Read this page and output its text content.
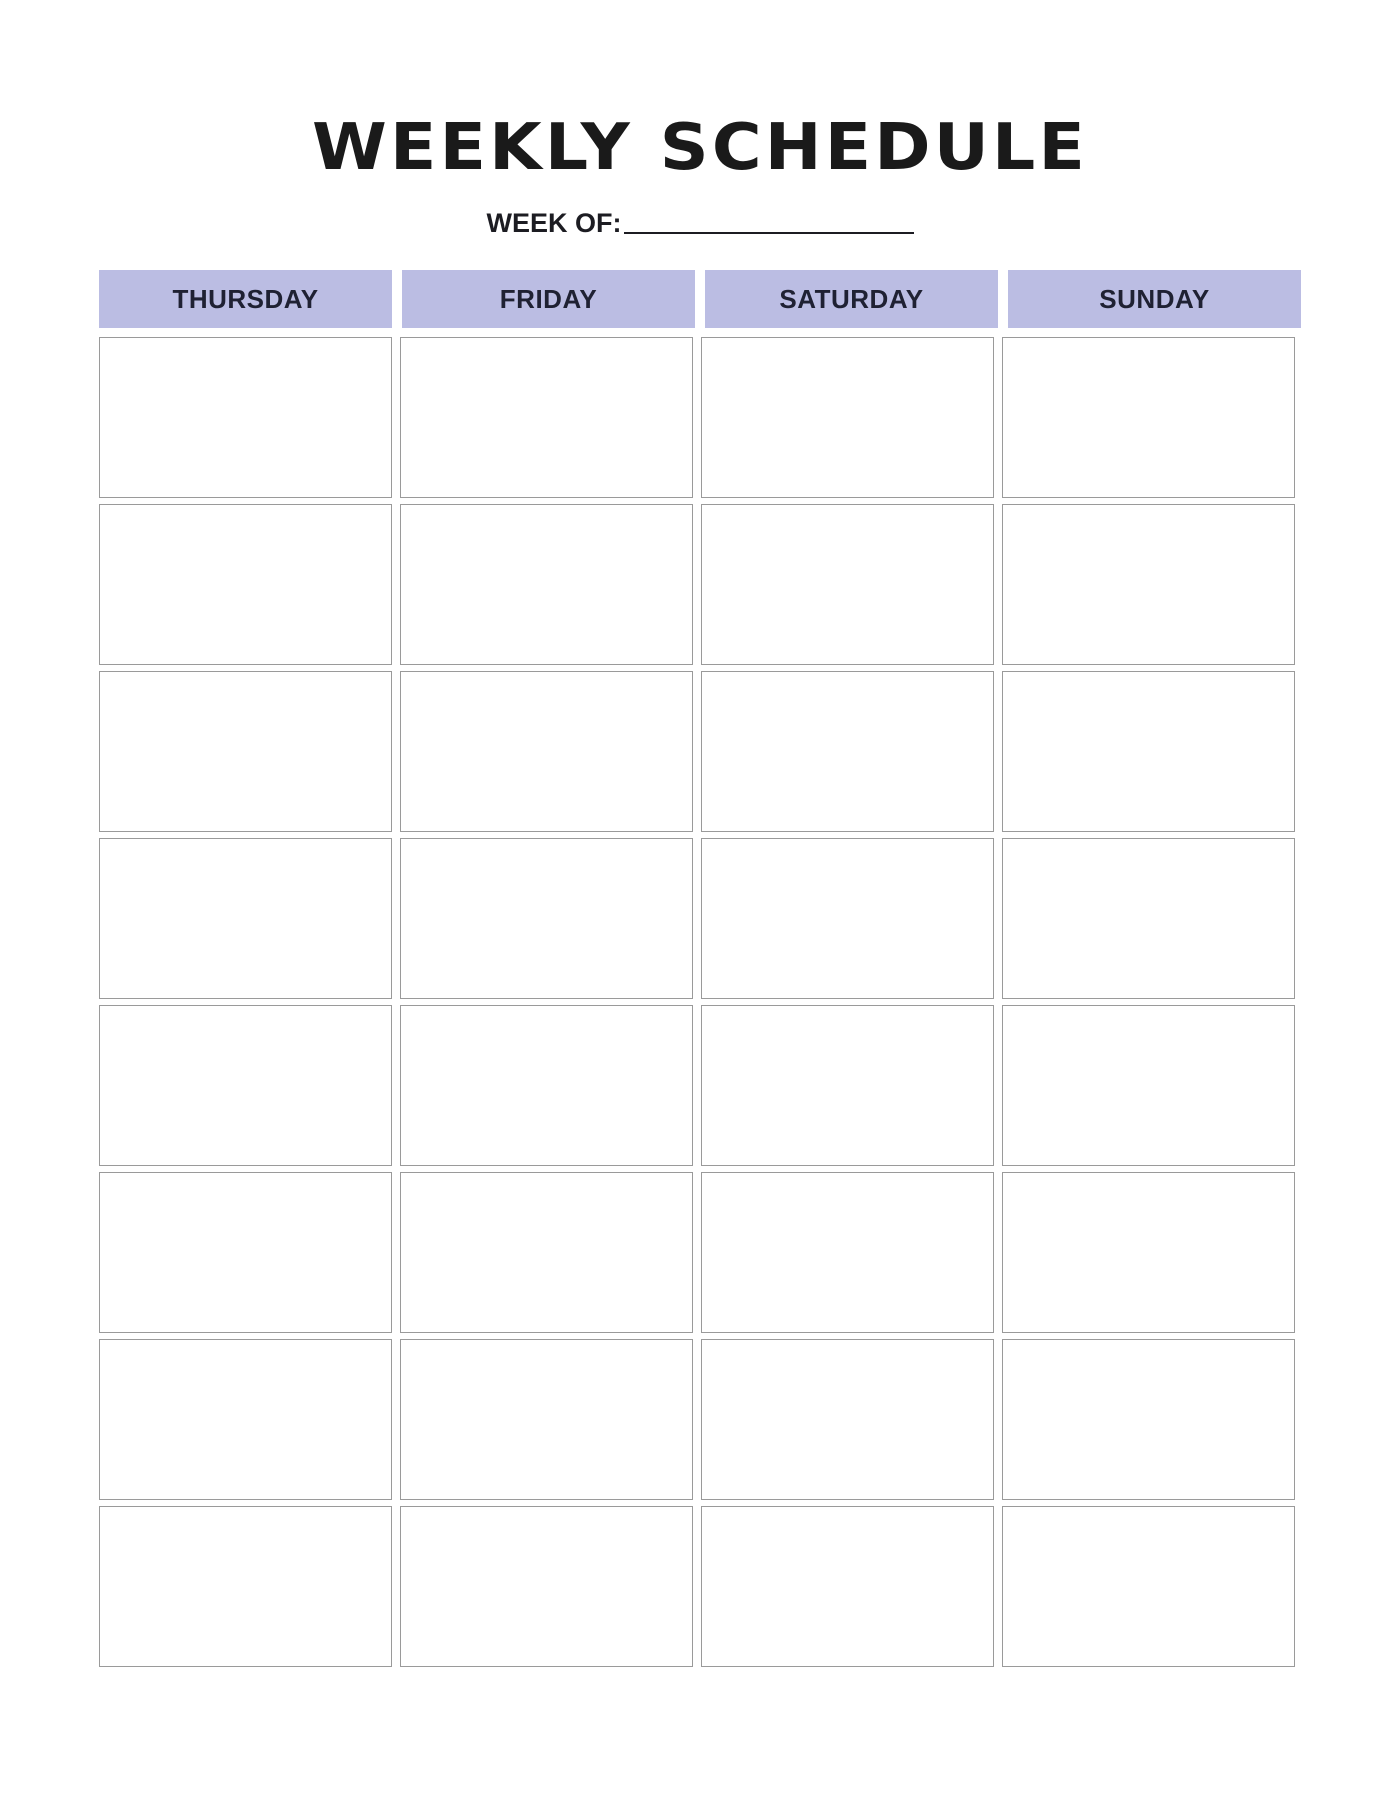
WEEKLY SCHEDULE
WEEK OF:
THURSDAY	FRIDAY	SATURDAY	SUNDAY
